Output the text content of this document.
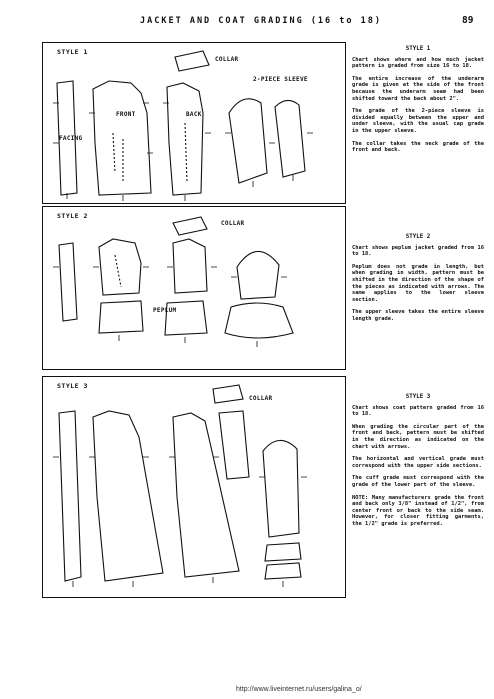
JACKET AND COAT GRADING (16 to 18)	89
STYLE 1
COLLAR
2-PIECE SLEEVE
FACING
FRONT	BACK
STYLE 2
COLLAR
PEPLUM
STYLE 3
COLLAR
STYLE 1

Chart shows where and how much jacket pattern is graded from size 16 to 18.

The entire increase of the underarm grade is given at the side of the front because the underarm seam had been shifted toward the back about 2".

The grade of the 2-piece sleeve is divided equally between the upper and under sleeve, with the usual cap grade in the upper sleeve.

The collar takes the neck grade of the front and back.

STYLE 2

Chart shows peplum jacket graded from 16 to 18.

Peplum does not grade in length, but when grading in width, pattern must be shifted in the direction of the shape of the pieces as indicated with arrows. The same applies to the lower sleeve section.

The upper sleeve takes the entire sleeve length grade.

STYLE 3

Chart shows coat pattern graded from 16 to 18.

When grading the circular part of the front and back, pattern must be shifted in the direction as indicated on the chart with arrows.

The horizontal and vertical grade must correspond with the upper side sections.

The cuff grade must correspond with the grade of the lower part of the sleeve.

NOTE: Many manufacturers grade the front and back only 3/8" instead of 1/2", from center front or back to the side seam. However, for closer fitting garments, the 1/2" grade is preferred.

http://www.liveinternet.ru/users/galina_o/
